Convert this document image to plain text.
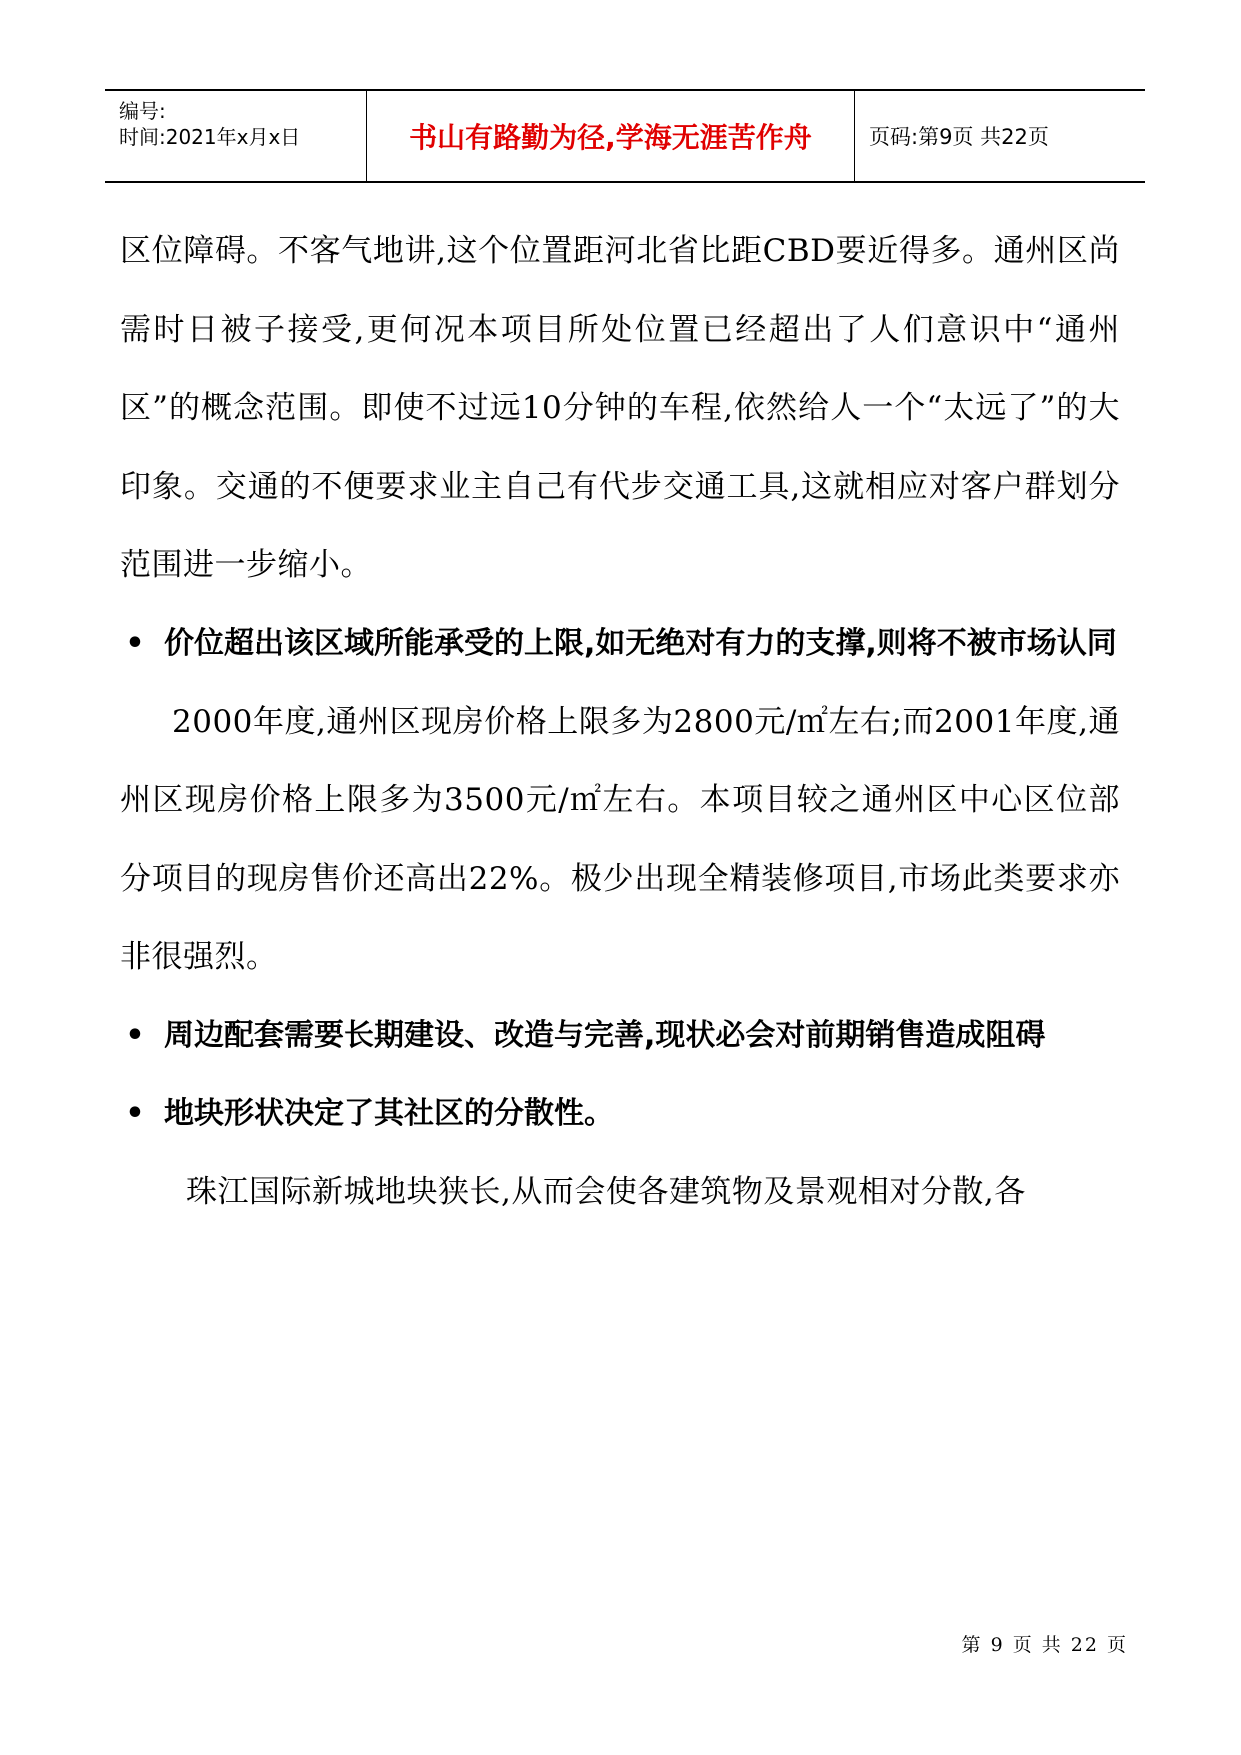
编号:
时间:2021年x月x日	书山有路勤为径,学海无涯苦作舟	页码:第9页 共22页

区位障碍。不客气地讲,这个位置距河北省比距CBD要近得多。通州区尚需时日被子接受,更何况本项目所处位置已经超出了人们意识中“通州区”的概念范围。即使不过远10分钟的车程,依然给人一个“太远了”的大印象。交通的不便要求业主自己有代步交通工具,这就相应对客户群划分范围进一步缩小。

• 价位超出该区域所能承受的上限,如无绝对有力的支撑,则将不被市场认同

2000年度,通州区现房价格上限多为2800元/㎡左右;而2001年度,通州区现房价格上限多为3500元/㎡左右。本项目较之通州区中心区位部分项目的现房售价还高出22%。极少出现全精装修项目,市场此类要求亦非很强烈。

• 周边配套需要长期建设、改造与完善,现状必会对前期销售造成阻碍

• 地块形状决定了其社区的分散性。

珠江国际新城地块狭长,从而会使各建筑物及景观相对分散,各

第 9 页 共 22 页
